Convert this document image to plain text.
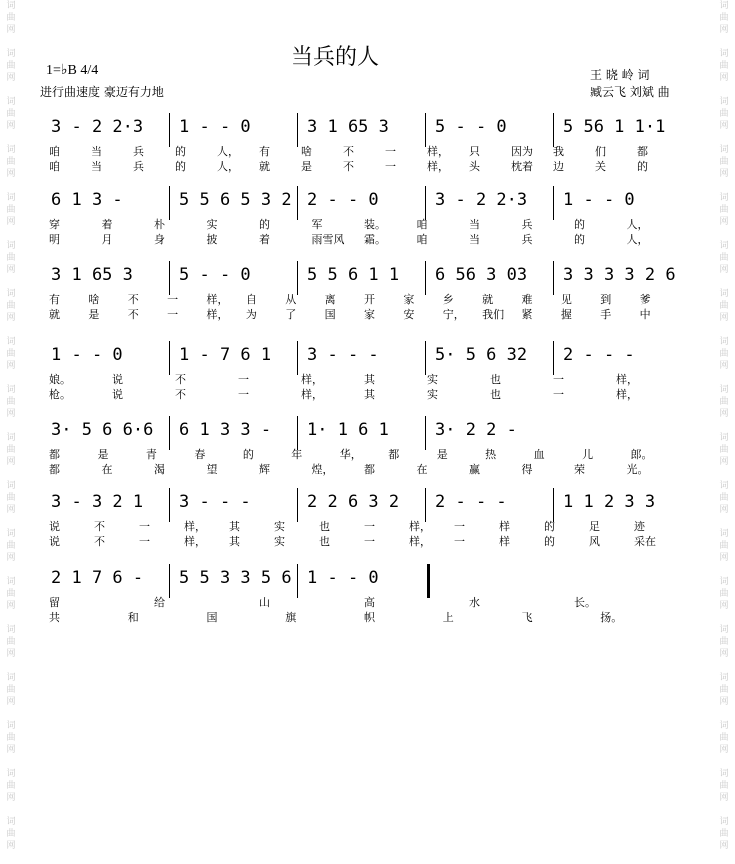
词
曲
网

词
曲
网

词
曲
网

词
曲
网

词
曲
网

词
曲
网

词
曲
网

词
曲
网

词
曲
网

词
曲
网

词
曲
网

词
曲
网

词
曲
网

词
曲
网

词
曲
网

词
曲
网

词
曲
网

词
曲
网

词
曲
网

词
曲
网

词
曲
网

词
曲
网

词
曲
网

词
曲
网

词
曲
网

词
曲
网

词
曲
网

词
曲
网

词
曲
网

词
曲
网

词
曲
网

词
曲
网

词
曲
网

词
曲
网

词
曲
网

词
曲
网

当兵的人
1=♭B 4/4
进行曲速度 豪迈有力地
王 晓 岭 词
臧云飞 刘斌 曲
3 - 2 2·3 1 - - 0	3 1 65 3	5 - - 0	5 56 1 1·1
咱	当	兵	的	人， 有	啥	不	一	样， 只	因为 我	们	都
咱	当	兵	的	人， 就	是	不	一	样， 头	枕着 边	关	的
6 1 3 -	5 5 6 5 3 2 2 - - 0	3 - 2 2·3 1 - - 0
穿	着	朴	实	的	军	装。	咱	当	兵	的	人，
明	月	身	披	着	雨雪风 霜。	咱	当	兵	的	人，
3 1 65 3	5 - - 0	5 5 6 1 1 6 56 3 03 3 3 3 3 2 6
有	啥	不	一	样， 自	从	离	开	家	乡	就	难	见	到	爹
就	是	不	一	样， 为	了	国	家	安	宁， 我们 紧	握	手	中
1 - - 0	1 - 7 6 1 3 - - -	5· 5 6 32 2 - - -
娘。	说	不	一	样，	其	实	也	一	样，
枪。	说	不	一	样，	其	实	也	一	样，
3· 5 6 6·6 6 1 3 3 - 1· 1 6 1	3· 2 2 -
都	是	青	春	的	年	华， 都	是	热	血	儿	郎。
都	在	渴	望	辉	煌，	都	在	赢	得	荣	光。
3 - 3 2 1 3 - - -	2 2 6 3 2 2 - - -	1 1 2 3 3
说	不	一	样， 其	实	也	一	样， 一	样	的	足	迹
说	不	一	样， 其	实	也	一	样， 一	样	的	风	采在
2 1 7 6 - 5 5 3 3 5 6 1 - - 0
留	给	山	高	水	长。
共	和	国	旗	帜	上	飞	扬。
